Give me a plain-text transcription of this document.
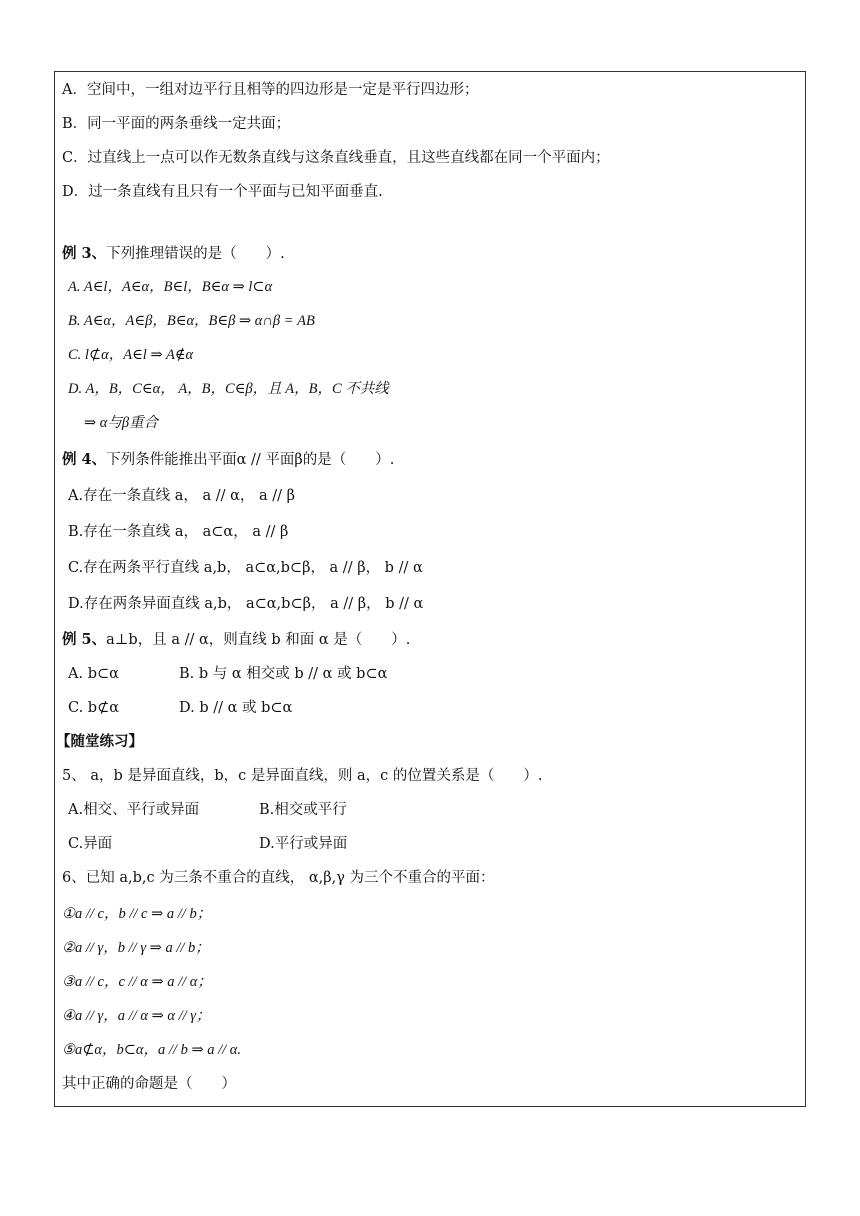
A．空间中，一组对边平行且相等的四边形是一定是平行四边形；
B．同一平面的两条垂线一定共面；
C．过直线上一点可以作无数条直线与这条直线垂直，且这些直线都在同一个平面内；
D．过一条直线有且只有一个平面与已知平面垂直.
例 3、下列推理错误的是（　　）.
A. A∈l，A∈α，B∈l，B∈α ⇒ l⊂α
B. A∈α，A∈β，B∈α，B∈β ⇒ α∩β = AB
C. l⊄α，A∈l ⇒ A∉α
D. A，B，C∈α， A，B，C∈β，且 A，B，C 不共线
⇒ α与β重合
例 4、下列条件能推出平面α // 平面β的是（　　）.
A.存在一条直线 a， a // α， a // β
B.存在一条直线 a， a⊂α， a // β
C.存在两条平行直线 a,b， a⊂α,b⊂β， a // β， b // α
D.存在两条异面直线 a,b， a⊂α,b⊂β， a // β， b // α
例 5、a⊥b，且 a // α，则直线 b 和面 α 是（　　）.
A. b⊂α	B. b 与 α 相交或 b // α 或 b⊂α
C. b⊄α	D. b // α 或 b⊂α
【随堂练习】
5、 a，b 是异面直线，b，c 是异面直线，则 a，c 的位置关系是（　　）.
A.相交、平行或异面	B.相交或平行
C.异面	D.平行或异面
6、已知 a,b,c 为三条不重合的直线， α,β,γ 为三个不重合的平面：
①a // c，b // c ⇒ a // b；
②a // γ，b // γ ⇒ a // b；
③a // c，c // α ⇒ a // α；
④a // γ，a // α ⇒ α // γ；
⑤a⊄α，b⊂α，a // b ⇒ a // α.
其中正确的命题是（　　）
